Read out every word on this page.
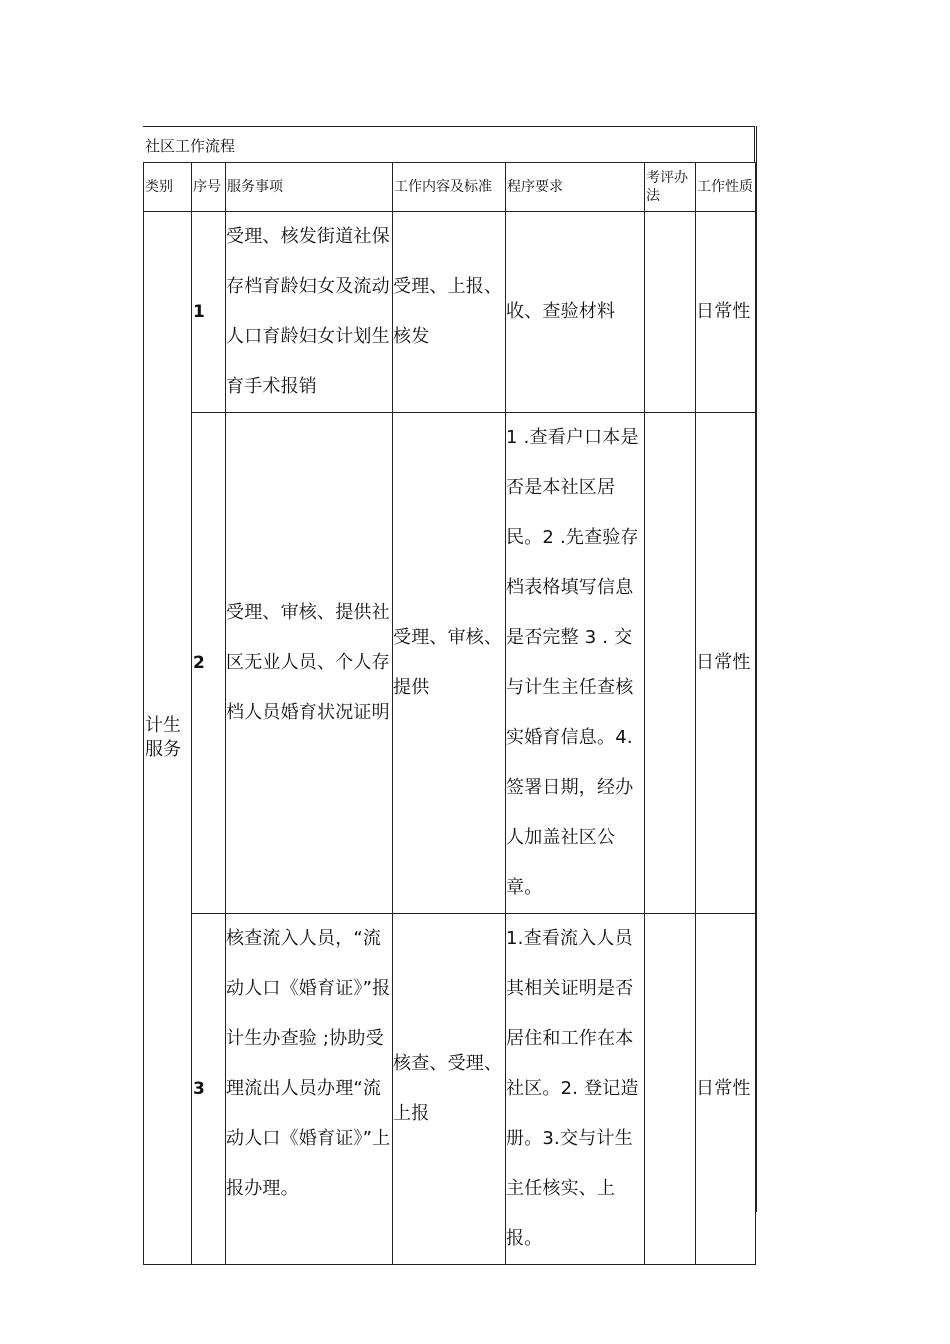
社区工作流程
类别	序号	服务事项	工作内容及标准	程序要求	考评办法	工作性质

计生服务	1	受理、核发街道社保存档育龄妇女及流动人口育龄妇女计划生育手术报销	受理、上报、核发	收、查验材料		日常性
	2	受理、审核、提供社区无业人员、个人存档人员婚育状况证明	受理、审核、提供	1 .查看户口本是否是本社区居民。2 .先查验存档表格填写信息是否完整 3 . 交与计生主任查核实婚育信息。4.签署日期，经办人加盖社区公章。		日常性
	3	核查流入人员，“流动人口《婚育证》”报计生办查验 ;协助受理流出人员办理“流动人口《婚育证》”上报办理。	核查、受理、上报	1.查看流入人员其相关证明是否居住和工作在本社区。2. 登记造册。3.交与计生主任核实、上报。		日常性
